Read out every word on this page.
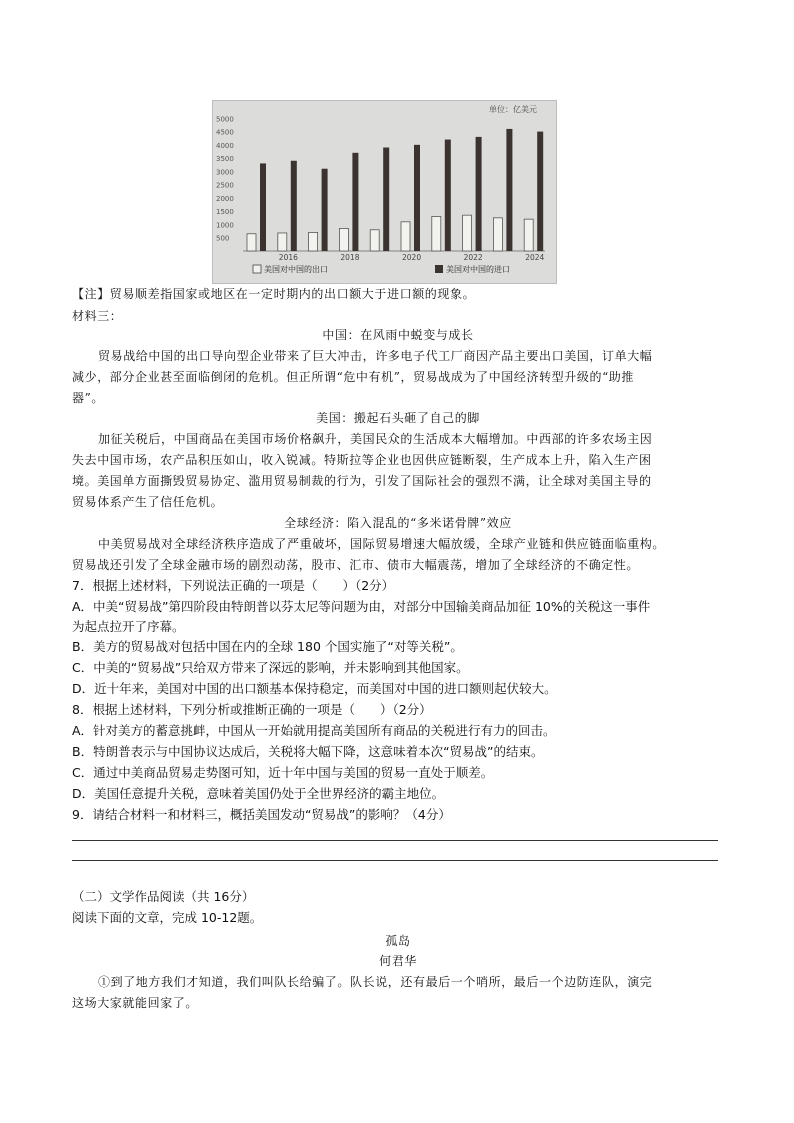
500
1000
1500
2000
2500
3000
3500
4000
4500
5000
单位：亿美元
2016	2018	2020	2022	2024
美国对中国的出口	美国对中国的进口
【注】贸易顺差指国家或地区在一定时期内的出口额大于进口额的现象。
材料三：
中国：在风雨中蜕变与成长
贸易战给中国的出口导向型企业带来了巨大冲击，许多电子代工厂商因产品主要出口美国，订单大幅
减少，部分企业甚至面临倒闭的危机。但正所谓“危中有机”，贸易战成为了中国经济转型升级的“助推
器”。
美国：搬起石头砸了自己的脚
加征关税后，中国商品在美国市场价格飙升，美国民众的生活成本大幅增加。中西部的许多农场主因
失去中国市场，农产品积压如山，收入锐减。特斯拉等企业也因供应链断裂，生产成本上升，陷入生产困
境。美国单方面撕毁贸易协定、滥用贸易制裁的行为，引发了国际社会的强烈不满，让全球对美国主导的
贸易体系产生了信任危机。
全球经济：陷入混乱的“多米诺骨牌”效应
中美贸易战对全球经济秩序造成了严重破坏，国际贸易增速大幅放缓，全球产业链和供应链面临重构。
贸易战还引发了全球金融市场的剧烈动荡，股市、汇市、债市大幅震荡，增加了全球经济的不确定性。
7．根据上述材料，下列说法正确的一项是（　　）（2分）
A．中美“贸易战”第四阶段由特朗普以芬太尼等问题为由，对部分中国输美商品加征 10%的关税这一事件
为起点拉开了序幕。
B．美方的贸易战对包括中国在内的全球 180 个国实施了“对等关税”。
C．中美的“贸易战”只给双方带来了深远的影响，并未影响到其他国家。
D．近十年来，美国对中国的出口额基本保持稳定，而美国对中国的进口额则起伏较大。
8．根据上述材料，下列分析或推断正确的一项是（　　）（2分）
A．针对美方的蓄意挑衅，中国从一开始就用提高美国所有商品的关税进行有力的回击。
B．特朗普表示与中国协议达成后，关税将大幅下降，这意味着本次“贸易战”的结束。
C．通过中美商品贸易走势图可知，近十年中国与美国的贸易一直处于顺差。
D．美国任意提升关税，意味着美国仍处于全世界经济的霸主地位。
9．请结合材料一和材料三，概括美国发动“贸易战”的影响？（4分）
（二）文学作品阅读（共 16分）
阅读下面的文章，完成 10-12题。
孤岛
何君华
①到了地方我们才知道，我们叫队长给骗了。队长说，还有最后一个哨所，最后一个边防连队，演完
这场大家就能回家了。
